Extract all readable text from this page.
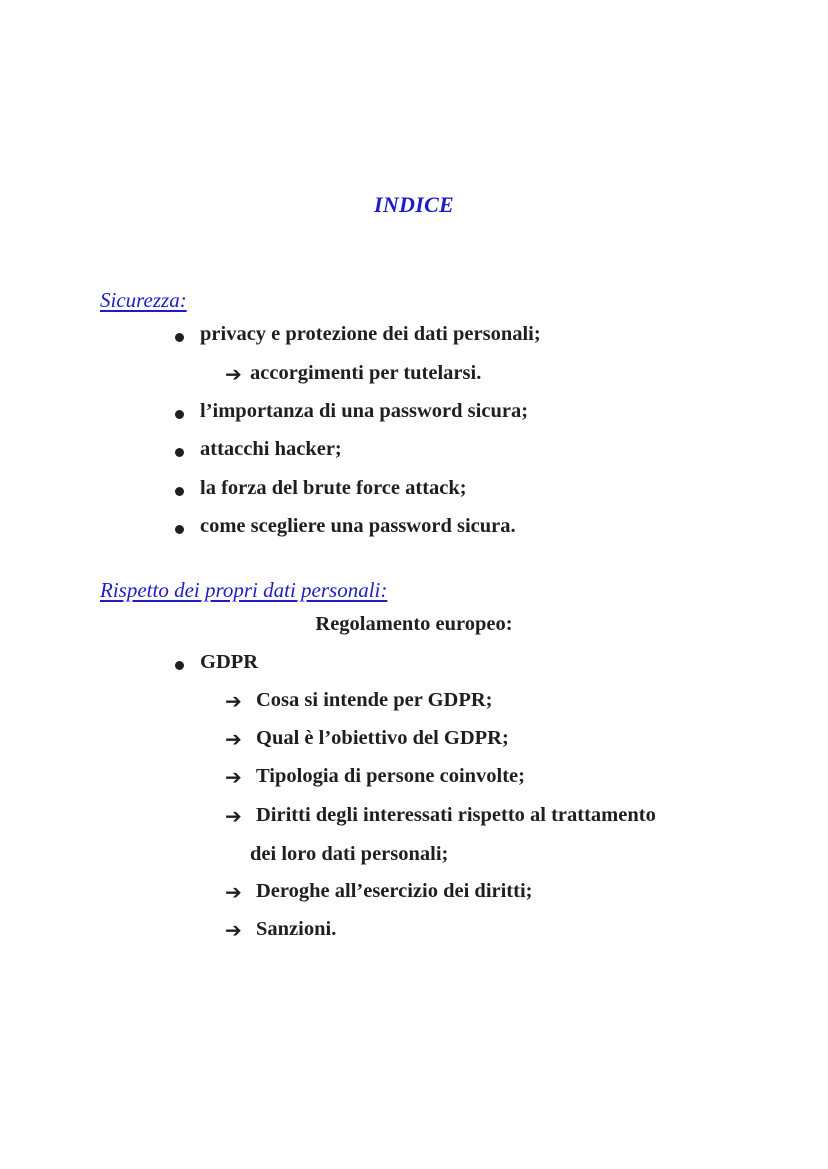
INDICE
Sicurezza:
privacy e protezione dei dati personali;
➔ accorgimenti per tutelarsi.
l’importanza di una password sicura;
attacchi hacker;
la forza del brute force attack;
come scegliere una password sicura.
Rispetto dei propri dati personali:
Regolamento europeo:
GDPR
➔ Cosa si intende per GDPR;
➔ Qual è l’obiettivo del GDPR;
➔ Tipologia di persone coinvolte;
➔ Diritti degli interessati rispetto al trattamento
dei loro dati personali;
➔ Deroghe all’esercizio dei diritti;
➔ Sanzioni.
